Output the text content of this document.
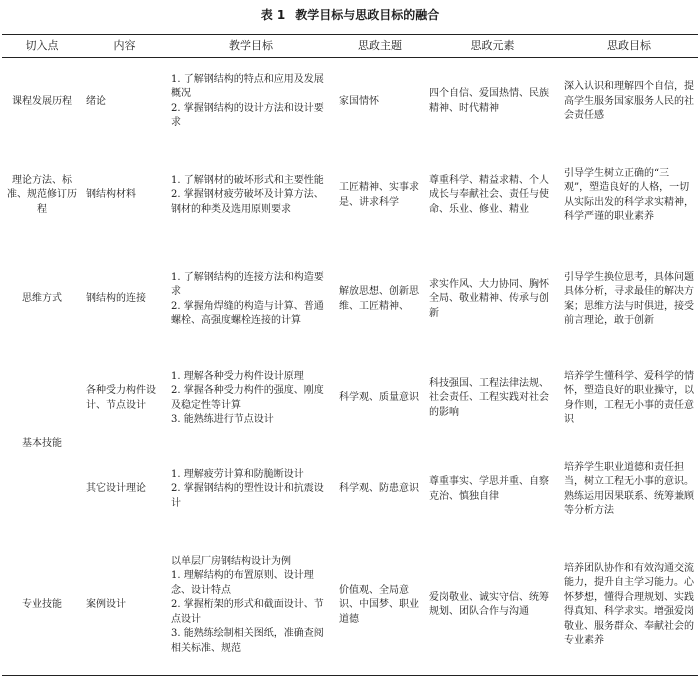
表 1 教学目标与思政目标的融合
切入点	内容	教学目标	思政主题	思政元素	思政目标
课程发展历程	绪论	1. 了解钢结构的特点和应用及发展概况
2. 掌握钢结构的设计方法和设计要求	家国情怀	四个自信、爱国热情、民族精神、时代精神	深入认识和理解四个自信，提高学生服务国家服务人民的社会责任感
理论方法、标准、规范修订历程	钢结构材料	1. 了解钢材的破坏形式和主要性能
2. 掌握钢材疲劳破坏及计算方法、钢材的种类及选用原则要求	工匠精神、实事求是、讲求科学	尊重科学、精益求精、个人成长与奉献社会、责任与使命、乐业、修业、精业	引导学生树立正确的“三观”，塑造良好的人格，一切从实际出发的科学求实精神，科学严谨的职业素养
思维方式	钢结构的连接	1. 了解钢结构的连接方法和构造要求
2. 掌握角焊缝的构造与计算、普通螺栓、高强度螺栓连接的计算	解放思想、创新思维、工匠精神、	求实作风、大力协同、胸怀全局、敬业精神、传承与创新	引导学生换位思考，具体问题具体分析，寻求最佳的解决方案；思维方法与时俱进，接受前言理论，敢于创新
基本技能	各种受力构件设计、节点设计	1. 理解各种受力构件设计原理
2. 掌握各种受力构件的强度、刚度及稳定性等计算
3. 能熟练进行节点设计	科学观、质量意识	科技强国、工程法律法规、社会责任、工程实践对社会的影响	培养学生懂科学、爱科学的情怀，塑造良好的职业操守，以身作则，工程无小事的责任意识
	其它设计理论	1. 理解疲劳计算和防脆断设计
2. 掌握钢结构的塑性设计和抗震设计	科学观、防患意识	尊重事实、学思并重、自察克治、慎独自律	培养学生职业道德和责任担当，树立工程无小事的意识。熟练运用因果联系、统筹兼顾等分析方法
专业技能	案例设计	以单层厂房钢结构设计为例
1. 理解结构的布置原则、设计理念、设计特点
2. 掌握桁架的形式和截面设计、节点设计
3. 能熟练绘制相关图纸，准确查阅相关标准、规范	价值观、全局意识、中国梦、职业道德	爱岗敬业、诚实守信、统筹规划、团队合作与沟通	培养团队协作和有效沟通交流能力，提升自主学习能力。心怀梦想，懂得合理规划、实践得真知、科学求实。增强爱岗敬业、服务群众、奉献社会的专业素养
